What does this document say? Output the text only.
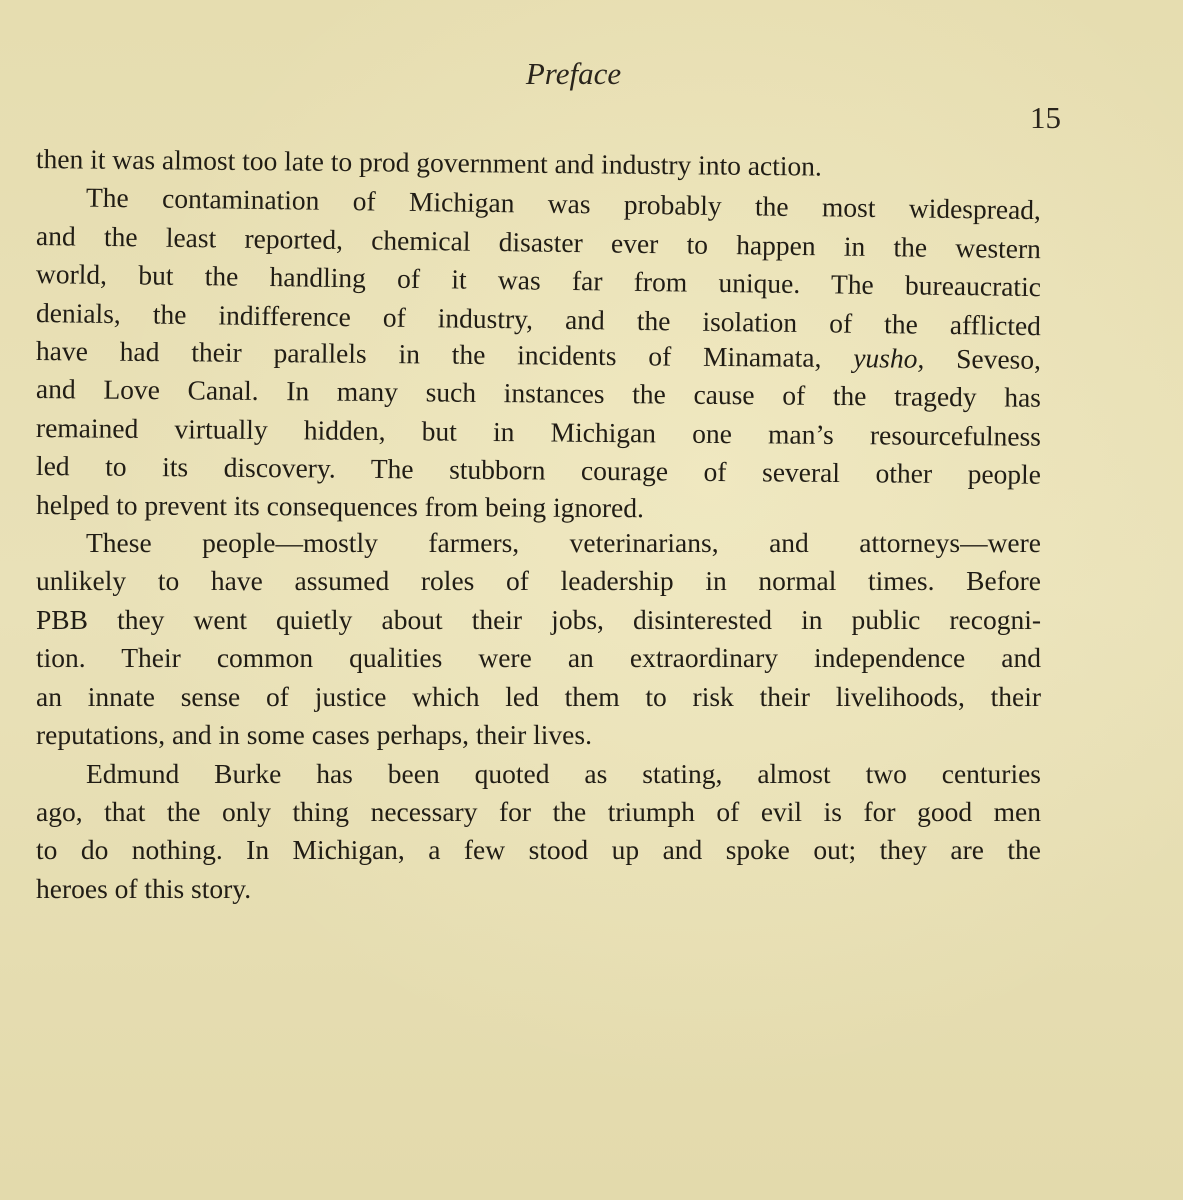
Preface
15
then it was almost too late to prod government and industry into action.
The contamination of Michigan was probably the most widespread,
and the least reported, chemical disaster ever to happen in the western
world, but the handling of it was far from unique. The bureaucratic
denials, the indifference of industry, and the isolation of the afflicted
have had their parallels in the incidents of Minamata, yusho, Seveso,
and Love Canal. In many such instances the cause of the tragedy has
remained virtually hidden, but in Michigan one man’s resourcefulness
led to its discovery. The stubborn courage of several other people
helped to prevent its consequences from being ignored.
These people—mostly farmers, veterinarians, and attorneys—were
unlikely to have assumed roles of leadership in normal times. Before
PBB they went quietly about their jobs, disinterested in public recogni-
tion. Their common qualities were an extraordinary independence and
an innate sense of justice which led them to risk their livelihoods, their
reputations, and in some cases perhaps, their lives.
Edmund Burke has been quoted as stating, almost two centuries
ago, that the only thing necessary for the triumph of evil is for good men
to do nothing. In Michigan, a few stood up and spoke out; they are the
heroes of this story.
